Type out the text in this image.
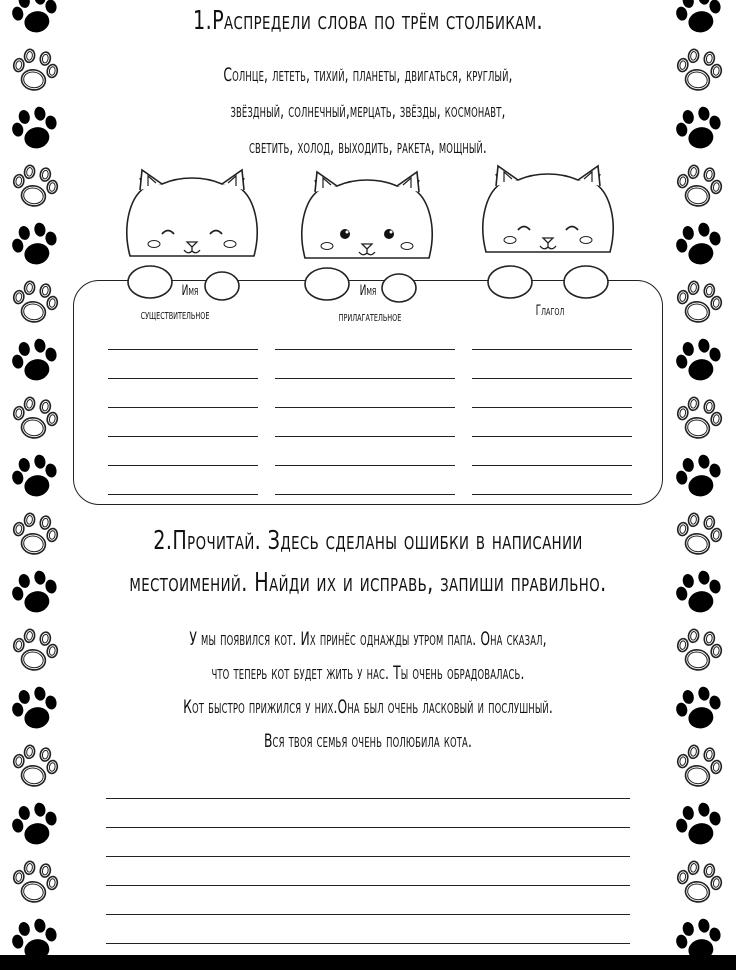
1.Распредели слова по трём столбикам.
Солнце, лететь, тихий, планеты, двигаться, круглый,
звёздный, солнечный,мерцать, звёзды, космонавт,
светить, холод, выходить, ракета, мощный.
Имя
существительное
Имя
прилагательное	Глагол
2.Прочитай. Здесь сделаны ошибки в написании
местоимений. Найди их и исправь, запиши правильно.
У мы появился кот. Их принёс однажды утром папа. Она сказал,
что теперь кот будет жить у нас. Ты очень обрадовалась.
Кот быстро прижился у них.Она был очень ласковый и послушный.
Вся твоя семья очень полюбила кота.
